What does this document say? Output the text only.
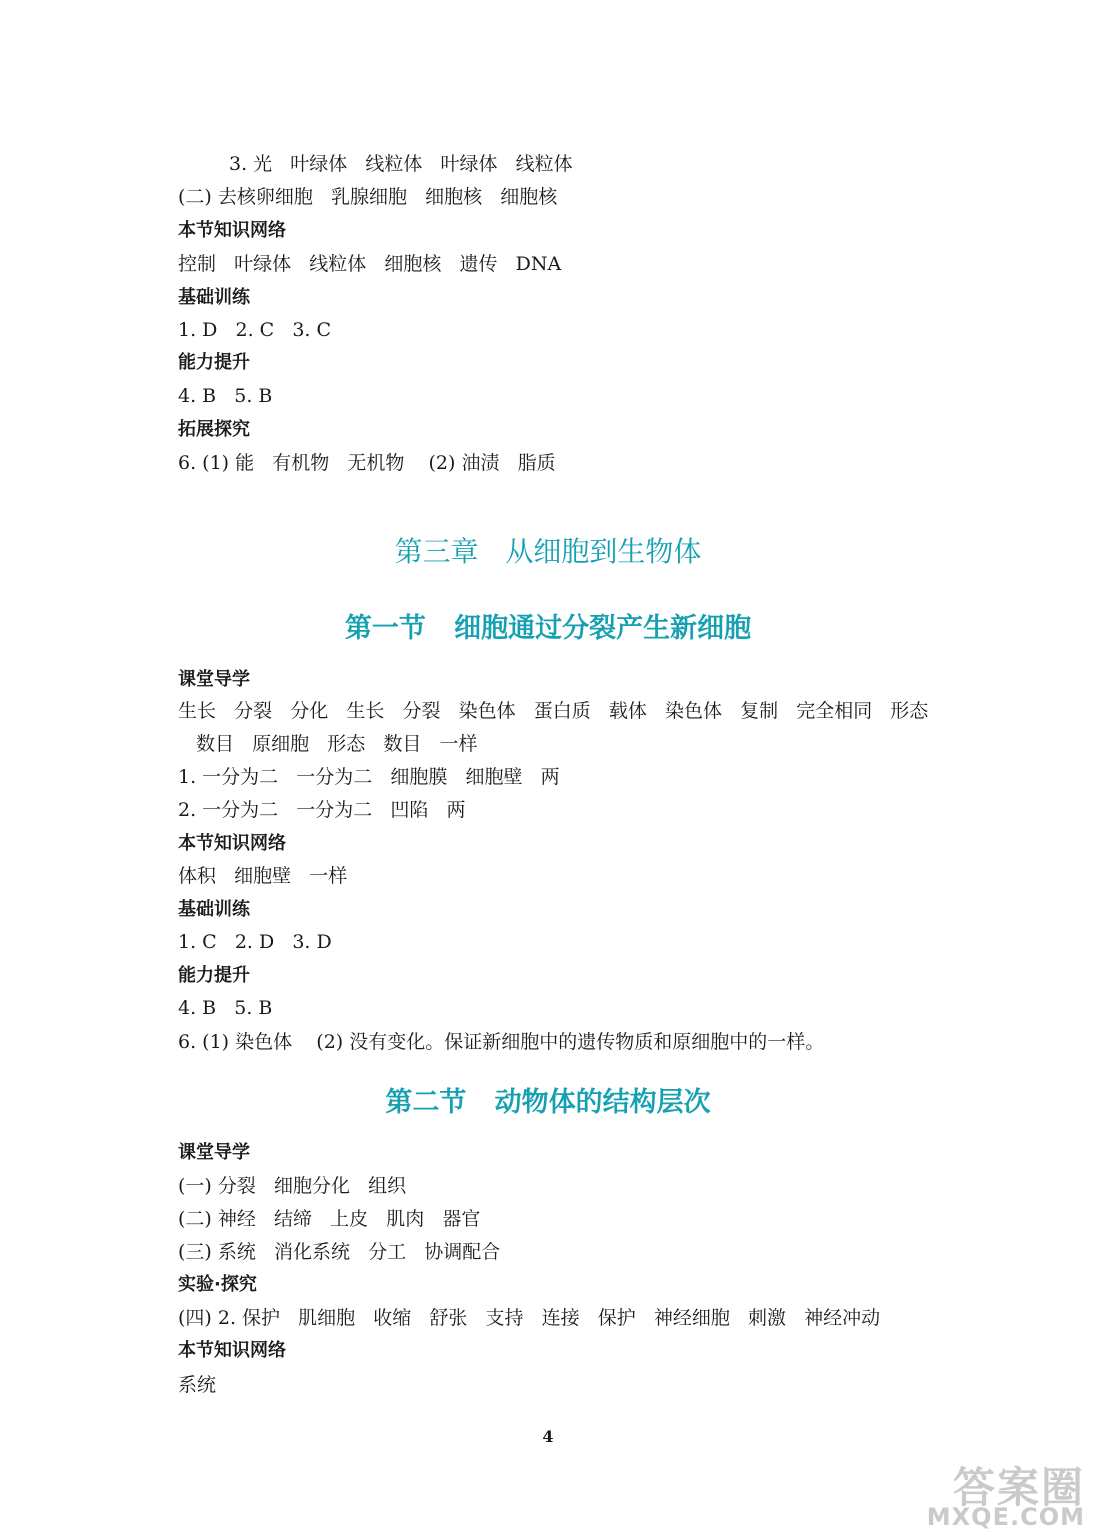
3. 光   叶绿体   线粒体   叶绿体   线粒体
(二) 去核卵细胞   乳腺细胞   细胞核   细胞核
本节知识网络
控制   叶绿体   线粒体   细胞核   遗传   DNA
基础训练
1. D   2. C   3. C
能力提升
4. B   5. B
拓展探究
6. (1) 能   有机物   无机物    (2) 油渍   脂质
第三章   从细胞到生物体
第一节   细胞通过分裂产生新细胞
课堂导学
生长   分裂   分化   生长   分裂   染色体   蛋白质   载体   染色体   复制   完全相同   形态
数目   原细胞   形态   数目   一样
1. 一分为二   一分为二   细胞膜   细胞壁   两
2. 一分为二   一分为二   凹陷   两
本节知识网络
体积   细胞壁   一样
基础训练
1. C   2. D   3. D
能力提升
4. B   5. B
6. (1) 染色体    (2) 没有变化。保证新细胞中的遗传物质和原细胞中的一样。
第二节   动物体的结构层次
课堂导学
(一) 分裂   细胞分化   组织
(二) 神经   结缔   上皮   肌肉   器官
(三) 系统   消化系统   分工   协调配合
实验·探究
(四) 2. 保护   肌细胞   收缩   舒张   支持   连接   保护   神经细胞   刺激   神经冲动
本节知识网络
系统
4
答案圈
MXQE.COM
